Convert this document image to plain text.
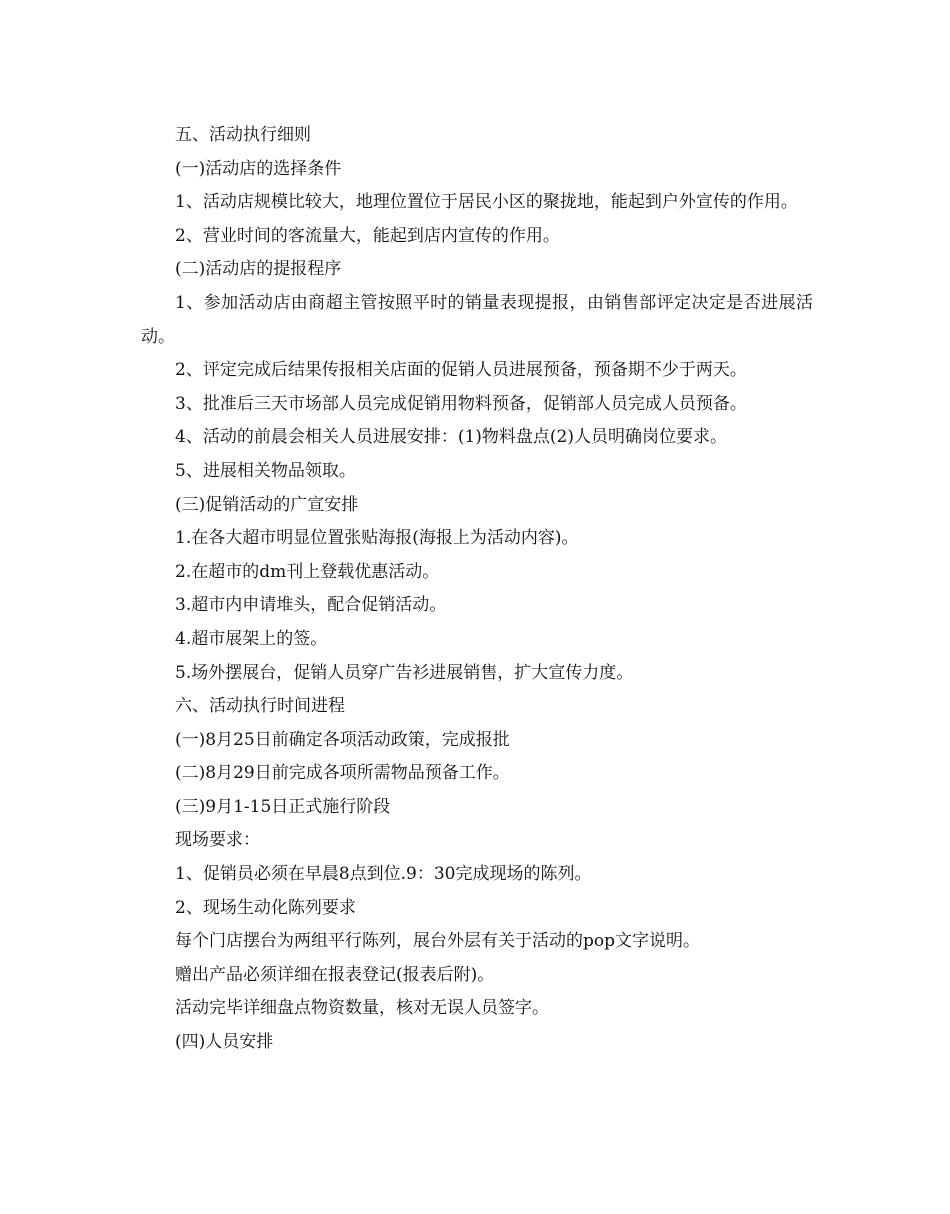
五、活动执行细则

(一)活动店的选择条件

1、活动店规模比较大，地理位置位于居民小区的聚拢地，能起到户外宣传的作用。

2、营业时间的客流量大，能起到店内宣传的作用。

(二)活动店的提报程序

1、参加活动店由商超主管按照平时的销量表现提报，由销售部评定决定是否进展活动。

2、评定完成后结果传报相关店面的促销人员进展预备，预备期不少于两天。

3、批准后三天市场部人员完成促销用物料预备，促销部人员完成人员预备。

4、活动的前晨会相关人员进展安排：(1)物料盘点(2)人员明确岗位要求。

5、进展相关物品领取。

(三)促销活动的广宣安排

1.在各大超市明显位置张贴海报(海报上为活动内容)。

2.在超市的dm刊上登载优惠活动。

3.超市内申请堆头，配合促销活动。

4.超市展架上的签。

5.场外摆展台，促销人员穿广告衫进展销售，扩大宣传力度。

六、活动执行时间进程

(一)8月25日前确定各项活动政策，完成报批

(二)8月29日前完成各项所需物品预备工作。

(三)9月1-15日正式施行阶段

现场要求：

1、促销员必须在早晨8点到位.9：30完成现场的陈列。

2、现场生动化陈列要求

每个门店摆台为两组平行陈列，展台外层有关于活动的pop文字说明。

赠出产品必须详细在报表登记(报表后附)。

活动完毕详细盘点物资数量，核对无误人员签字。

(四)人员安排
